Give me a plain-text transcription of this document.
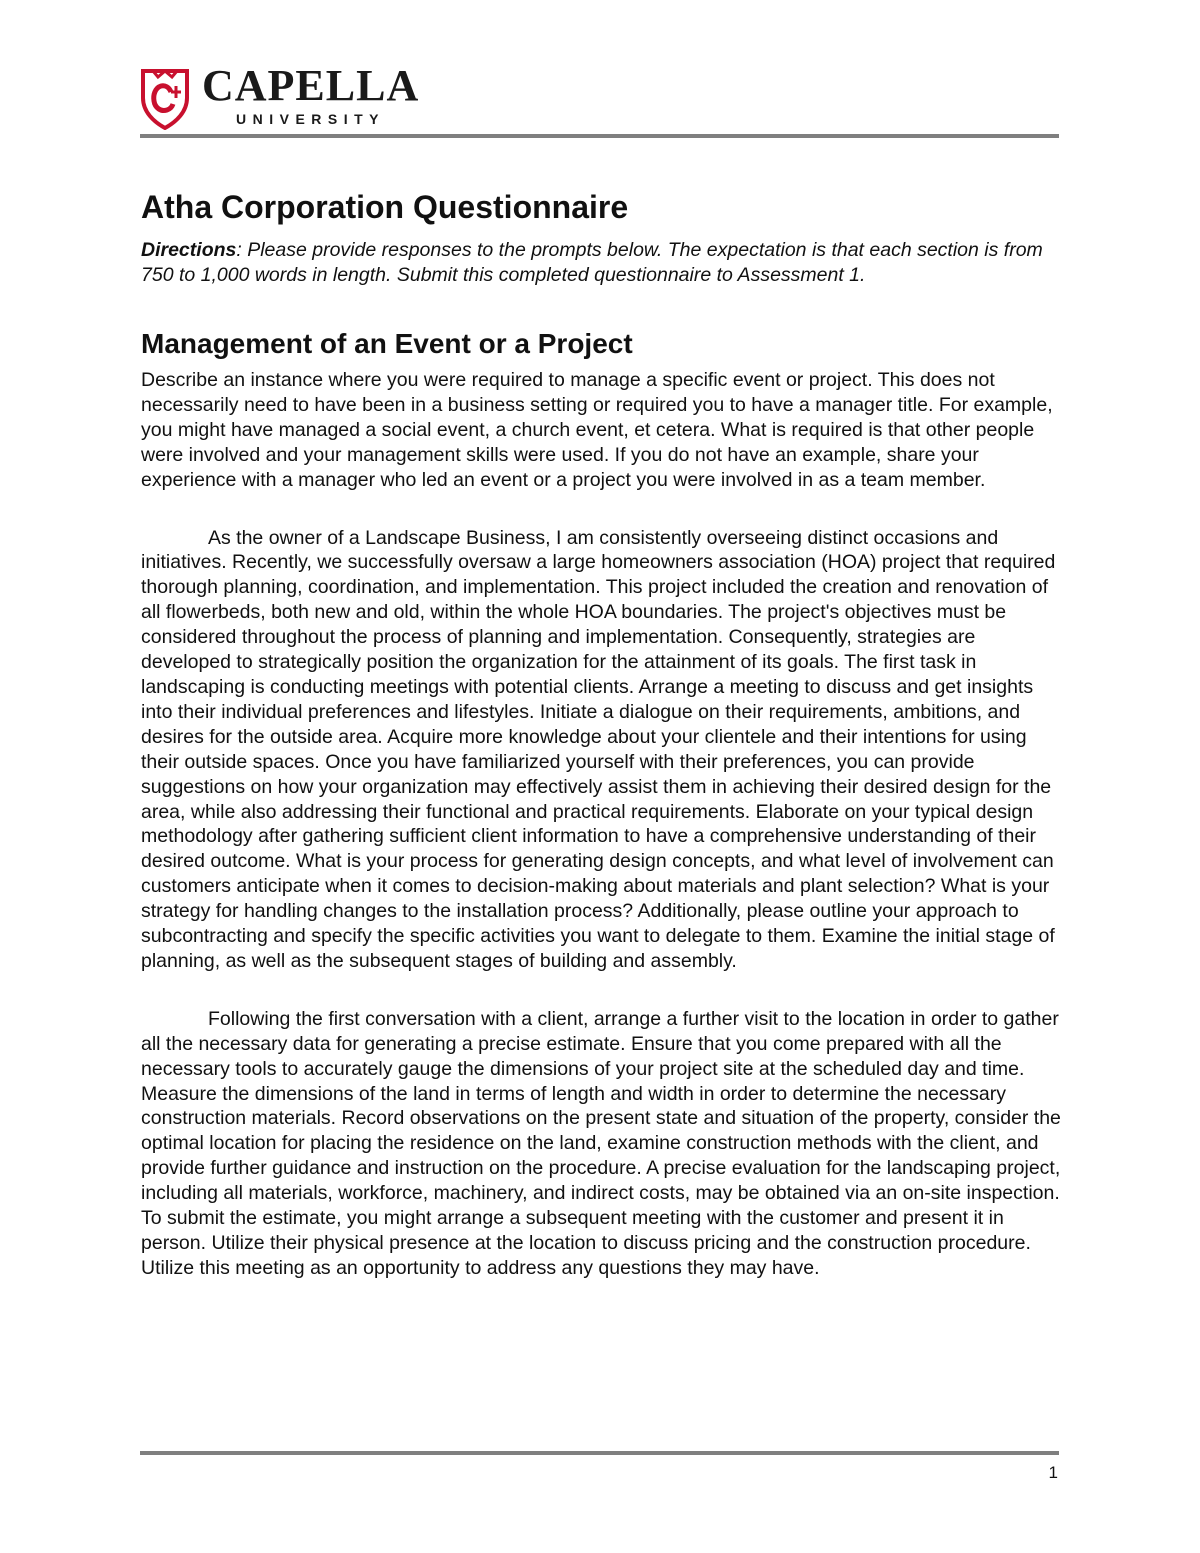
CAPELLA
UNIVERSITY
Atha Corporation Questionnaire

Directions: Please provide responses to the prompts below. The expectation is that each section is from 750 to 1,000 words in length. Submit this completed questionnaire to Assessment 1.

Management of an Event or a Project

Describe an instance where you were required to manage a specific event or project. This does not necessarily need to have been in a business setting or required you to have a manager title. For example, you might have managed a social event, a church event, et cetera. What is required is that other people were involved and your management skills were used. If you do not have an example, share your experience with a manager who led an event or a project you were involved in as a team member.

As the owner of a Landscape Business, I am consistently overseeing distinct occasions and initiatives. Recently, we successfully oversaw a large homeowners association (HOA) project that required thorough planning, coordination, and implementation. This project included the creation and renovation of all flowerbeds, both new and old, within the whole HOA boundaries. The project's objectives must be considered throughout the process of planning and implementation. Consequently, strategies are developed to strategically position the organization for the attainment of its goals. The first task in landscaping is conducting meetings with potential clients. Arrange a meeting to discuss and get insights into their individual preferences and lifestyles. Initiate a dialogue on their requirements, ambitions, and desires for the outside area. Acquire more knowledge about your clientele and their intentions for using their outside spaces. Once you have familiarized yourself with their preferences, you can provide suggestions on how your organization may effectively assist them in achieving their desired design for the area, while also addressing their functional and practical requirements. Elaborate on your typical design methodology after gathering sufficient client information to have a comprehensive understanding of their desired outcome. What is your process for generating design concepts, and what level of involvement can customers anticipate when it comes to decision-making about materials and plant selection? What is your strategy for handling changes to the installation process? Additionally, please outline your approach to subcontracting and specify the specific activities you want to delegate to them. Examine the initial stage of planning, as well as the subsequent stages of building and assembly.

Following the first conversation with a client, arrange a further visit to the location in order to gather all the necessary data for generating a precise estimate. Ensure that you come prepared with all the necessary tools to accurately gauge the dimensions of your project site at the scheduled day and time. Measure the dimensions of the land in terms of length and width in order to determine the necessary construction materials. Record observations on the present state and situation of the property, consider the optimal location for placing the residence on the land, examine construction methods with the client, and provide further guidance and instruction on the procedure. A precise evaluation for the landscaping project, including all materials, workforce, machinery, and indirect costs, may be obtained via an on-site inspection. To submit the estimate, you might arrange a subsequent meeting with the customer and present it in person. Utilize their physical presence at the location to discuss pricing and the construction procedure. Utilize this meeting as an opportunity to address any questions they may have.

1
